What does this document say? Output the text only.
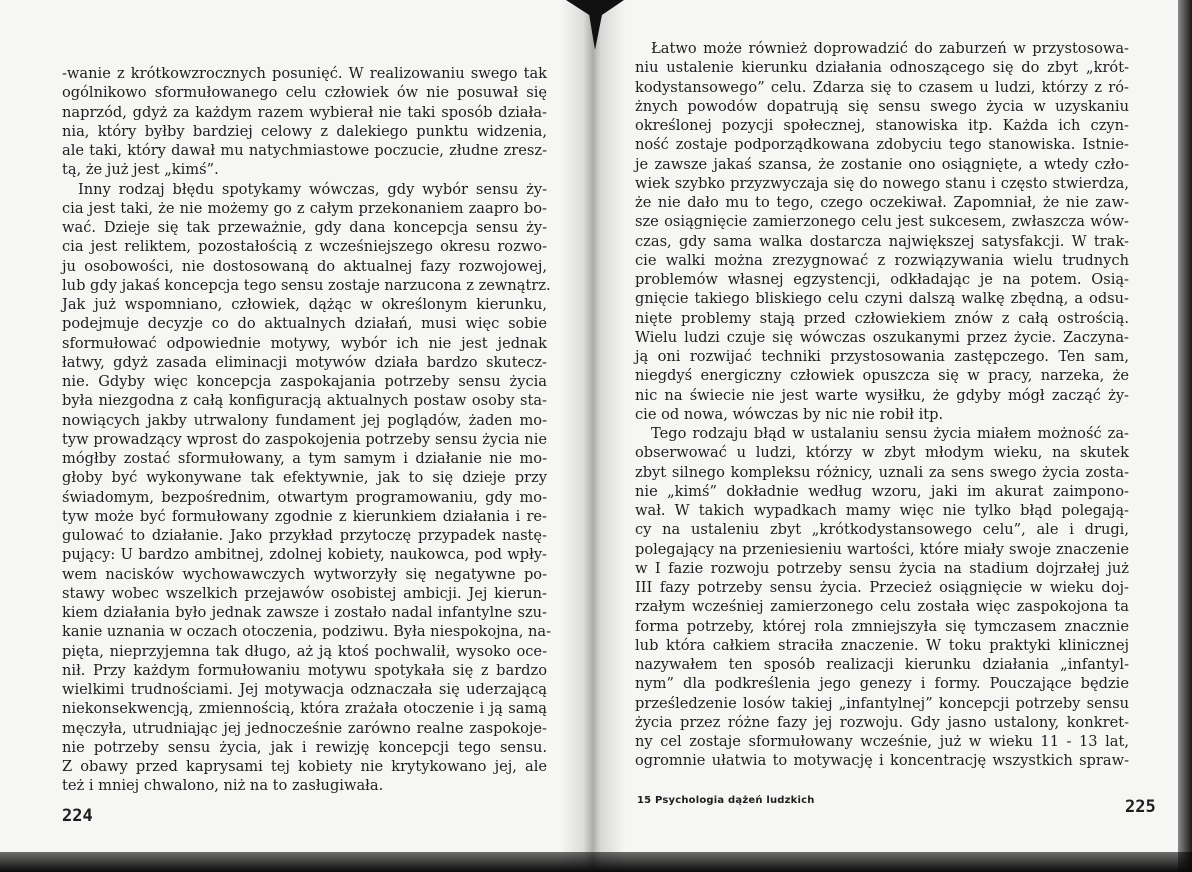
-wanie z krótkowzrocznych posunięć. W realizowaniu swego tak
ogólnikowo sformułowanego celu człowiek ów nie posuwał się
naprzód, gdyż za każdym razem wybierał nie taki sposób działa-
nia, który byłby bardziej celowy z dalekiego punktu widzenia,
ale taki, który dawał mu natychmiastowe poczucie, złudne zresz-
tą, że już jest „kimś”.
Inny rodzaj błędu spotykamy wówczas, gdy wybór sensu ży-
cia jest taki, że nie możemy go z całym przekonaniem zaapro bo-
wać. Dzieje się tak przeważnie, gdy dana koncepcja sensu ży-
cia jest reliktem, pozostałością z wcześniejszego okresu rozwo-
ju osobowości, nie dostosowaną do aktualnej fazy rozwojowej,
lub gdy jakaś koncepcja tego sensu zostaje narzucona z zewnątrz.
Jak już wspomniano, człowiek, dążąc w określonym kierunku,
podejmuje decyzje co do aktualnych działań, musi więc sobie
sformułować odpowiednie motywy, wybór ich nie jest jednak
łatwy, gdyż zasada eliminacji motywów działa bardzo skutecz-
nie. Gdyby więc koncepcja zaspokajania potrzeby sensu życia
była niezgodna z całą konfiguracją aktualnych postaw osoby sta-
nowiących jakby utrwalony fundament jej poglądów, żaden mo-
tyw prowadzący wprost do zaspokojenia potrzeby sensu życia nie
mógłby zostać sformułowany, a tym samym i działanie nie mo-
głoby być wykonywane tak efektywnie, jak to się dzieje przy
świadomym, bezpośrednim, otwartym programowaniu, gdy mo-
tyw może być formułowany zgodnie z kierunkiem działania i re-
gulować to działanie. Jako przykład przytoczę przypadek nastę-
pujący: U bardzo ambitnej, zdolnej kobiety, naukowca, pod wpły-
wem nacisków wychowawczych wytworzyły się negatywne po-
stawy wobec wszelkich przejawów osobistej ambicji. Jej kierun-
kiem działania było jednak zawsze i zostało nadal infantylne szu-
kanie uznania w oczach otoczenia, podziwu. Była niespokojna, na-
pięta, nieprzyjemna tak długo, aż ją ktoś pochwalił, wysoko oce-
nił. Przy każdym formułowaniu motywu spotykała się z bardzo
wielkimi trudnościami. Jej motywacja odznaczała się uderzającą
niekonsekwencją, zmiennością, która zrażała otoczenie i ją samą
męczyła, utrudniając jej jednocześnie zarówno realne zaspokoje-
nie potrzeby sensu życia, jak i rewizję koncepcji tego sensu.
Z obawy przed kaprysami tej kobiety nie krytykowano jej, ale
też i mniej chwalono, niż na to zasługiwała.
224
Łatwo może również doprowadzić do zaburzeń w przystosowa-
niu ustalenie kierunku działania odnoszącego się do zbyt „krót-
kodystansowego” celu. Zdarza się to czasem u ludzi, którzy z ró-
żnych powodów dopatrują się sensu swego życia w uzyskaniu
określonej pozycji społecznej, stanowiska itp. Każda ich czyn-
ność zostaje podporządkowana zdobyciu tego stanowiska. Istnie-
je zawsze jakaś szansa, że zostanie ono osiągnięte, a wtedy czło-
wiek szybko przyzwyczaja się do nowego stanu i często stwierdza,
że nie dało mu to tego, czego oczekiwał. Zapomniał, że nie zaw-
sze osiągnięcie zamierzonego celu jest sukcesem, zwłaszcza wów-
czas, gdy sama walka dostarcza największej satysfakcji. W trak-
cie walki można zrezygnować z rozwiązywania wielu trudnych
problemów własnej egzystencji, odkładając je na potem. Osią-
gnięcie takiego bliskiego celu czyni dalszą walkę zbędną, a odsu-
nięte problemy stają przed człowiekiem znów z całą ostrością.
Wielu ludzi czuje się wówczas oszukanymi przez życie. Zaczyna-
ją oni rozwijać techniki przystosowania zastępczego. Ten sam,
niegdyś energiczny człowiek opuszcza się w pracy, narzeka, że
nic na świecie nie jest warte wysiłku, że gdyby mógł zacząć ży-
cie od nowa, wówczas by nic nie robił itp.
Tego rodzaju błąd w ustalaniu sensu życia miałem możność za-
obserwować u ludzi, którzy w zbyt młodym wieku, na skutek
zbyt silnego kompleksu różnicy, uznali za sens swego życia zosta-
nie „kimś” dokładnie według wzoru, jaki im akurat zaimpono-
wał. W takich wypadkach mamy więc nie tylko błąd polegają-
cy na ustaleniu zbyt „krótkodystansowego celu”, ale i drugi,
polegający na przeniesieniu wartości, które miały swoje znaczenie
w I fazie rozwoju potrzeby sensu życia na stadium dojrzałej już
III fazy potrzeby sensu życia. Przecież osiągnięcie w wieku doj-
rzałym wcześniej zamierzonego celu została więc zaspokojona ta
forma potrzeby, której rola zmniejszyła się tymczasem znacznie
lub która całkiem straciła znaczenie. W toku praktyki klinicznej
nazywałem ten sposób realizacji kierunku działania „infantyl-
nym” dla podkreślenia jego genezy i formy. Pouczające będzie
prześledzenie losów takiej „infantylnej” koncepcji potrzeby sensu
życia przez różne fazy jej rozwoju. Gdy jasno ustalony, konkret-
ny cel zostaje sformułowany wcześnie, już w wieku 11 - 13 lat,
ogromnie ułatwia to motywację i koncentrację wszystkich spraw-
15 Psychologia dążeń ludzkich	225
